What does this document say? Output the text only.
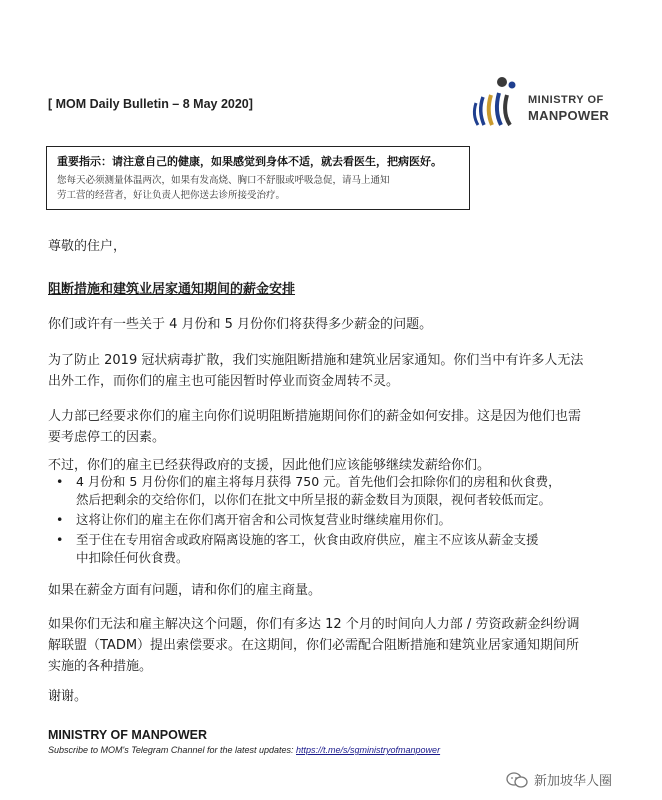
[ MOM Daily Bulletin – 8 May 2020]	MINISTRY OF
MANPOWER
重要指示：请注意自己的健康，如果感觉到身体不适，就去看医生，把病医好。
您每天必须测量体温两次，如果有发高烧、胸口不舒服或呼吸急促，请马上通知
劳工营的经营者，好让负责人把你送去诊所接受治疗。
尊敬的住户，
阻断措施和建筑业居家通知期间的薪金安排
你们或许有一些关于 4 月份和 5 月份你们将获得多少薪金的问题。
为了防止 2019 冠状病毒扩散，我们实施阻断措施和建筑业居家通知。你们当中有许多人无法
出外工作，而你们的雇主也可能因暂时停业而资金周转不灵。
人力部已经要求你们的雇主向你们说明阻断措施期间你们的薪金如何安排。这是因为他们也需
要考虑停工的因素。
不过，你们的雇主已经获得政府的支援，因此他们应该能够继续发薪给你们。
• 4 月份和 5 月份你们的雇主将每月获得 750 元。首先他们会扣除你们的房租和伙食费，
然后把剩余的交给你们，以你们在批文中所呈报的薪金数目为顶限，视何者较低而定。
• 这将让你们的雇主在你们离开宿舍和公司恢复营业时继续雇用你们。
• 至于住在专用宿舍或政府隔离设施的客工，伙食由政府供应，雇主不应该从薪金支援
中扣除任何伙食费。
如果在薪金方面有问题，请和你们的雇主商量。
如果你们无法和雇主解决这个问题，你们有多达 12 个月的时间向人力部 / 劳资政薪金纠纷调
解联盟（TADM）提出索偿要求。在这期间，你们必需配合阻断措施和建筑业居家通知期间所
实施的各种措施。
谢谢。
MINISTRY OF MANPOWER
Subscribe to MOM's Telegram Channel for the latest updates: https://t.me/s/sgministryofmanpower
新加坡华人圈
